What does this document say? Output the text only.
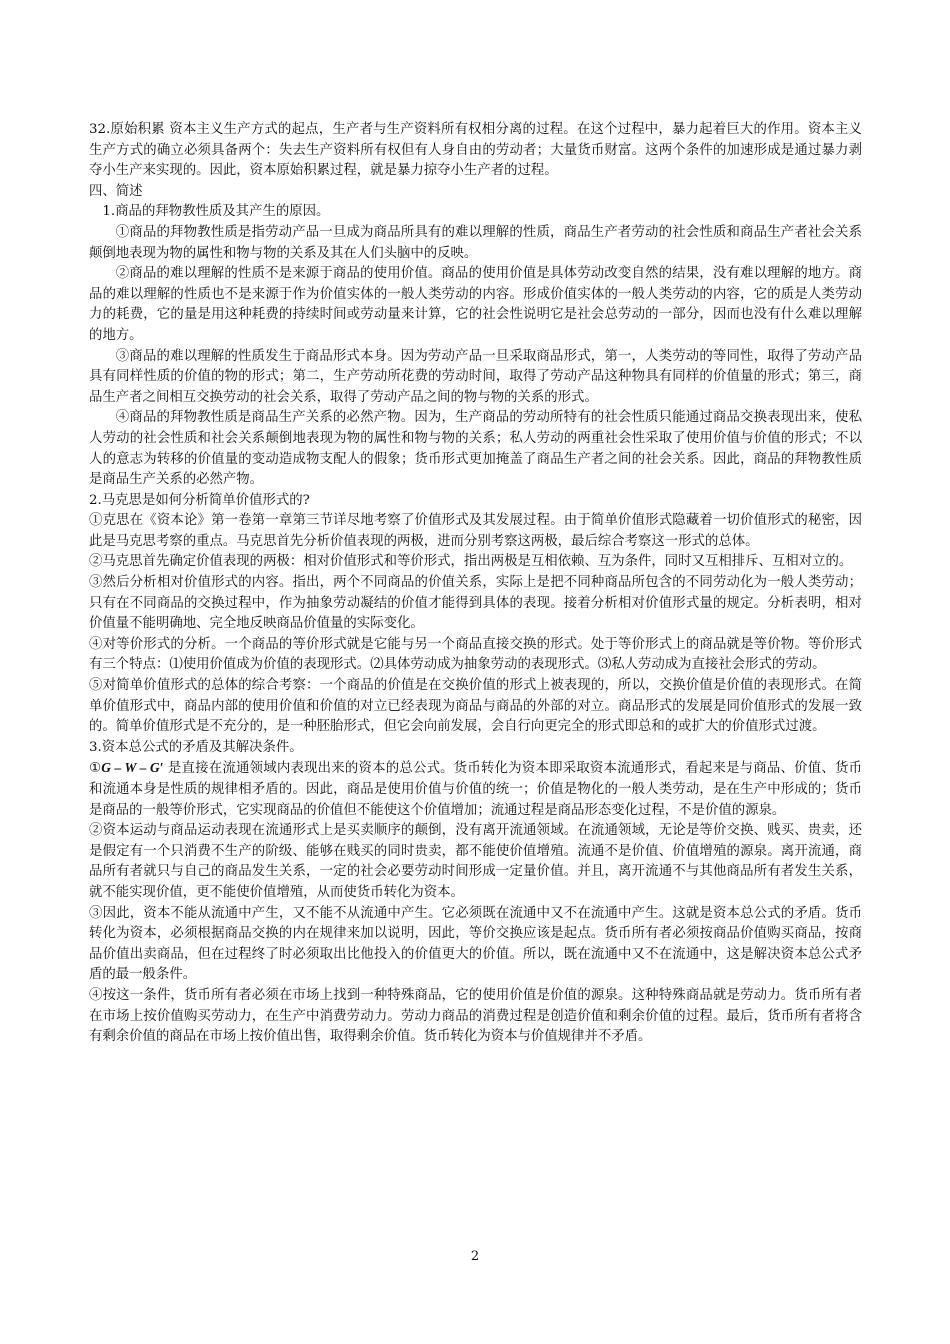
32.原始积累 资本主义生产方式的起点，生产者与生产资料所有权相分离的过程。在这个过程中，暴力起着巨大的作用。资本主义生产方式的确立必须具备两个：失去生产资料所有权但有人身自由的劳动者；大量货币财富。这两个条件的加速形成是通过暴力剥夺小生产来实现的。因此，资本原始积累过程，就是暴力掠夺小生产者的过程。

四、简述

1.商品的拜物教性质及其产生的原因。

①商品的拜物教性质是指劳动产品一旦成为商品所具有的难以理解的性质，商品生产者劳动的社会性质和商品生产者社会关系颠倒地表现为物的属性和物与物的关系及其在人们头脑中的反映。

②商品的难以理解的性质不是来源于商品的使用价值。商品的使用价值是具体劳动改变自然的结果，没有难以理解的地方。商品的难以理解的性质也不是来源于作为价值实体的一般人类劳动的内容。形成价值实体的一般人类劳动的内容，它的质是人类劳动力的耗费，它的量是用这种耗费的持续时间或劳动量来计算，它的社会性说明它是社会总劳动的一部分，因而也没有什么难以理解的地方。

③商品的难以理解的性质发生于商品形式本身。因为劳动产品一旦采取商品形式，第一，人类劳动的等同性，取得了劳动产品具有同样性质的价值的物的形式；第二，生产劳动所花费的劳动时间，取得了劳动产品这种物具有同样的价值量的形式；第三，商品生产者之间相互交换劳动的社会关系，取得了劳动产品之间的物与物的关系的形式。

④商品的拜物教性质是商品生产关系的必然产物。因为，生产商品的劳动所特有的社会性质只能通过商品交换表现出来，使私人劳动的社会性质和社会关系颠倒地表现为物的属性和物与物的关系；私人劳动的两重社会性采取了使用价值与价值的形式；不以人的意志为转移的价值量的变动造成物支配人的假象；货币形式更加掩盖了商品生产者之间的社会关系。因此，商品的拜物教性质是商品生产关系的必然产物。

2.马克思是如何分析简单价值形式的?

①克思在《资本论》第一卷第一章第三节详尽地考察了价值形式及其发展过程。由于简单价值形式隐藏着一切价值形式的秘密，因此是马克思考察的重点。马克思首先分析价值表现的两极，进而分别考察这两极，最后综合考察这一形式的总体。

②马克思首先确定价值表现的两极：相对价值形式和等价形式，指出两极是互相依赖、互为条件，同时又互相排斥、互相对立的。

③然后分析相对价值形式的内容。指出，两个不同商品的价值关系，实际上是把不同种商品所包含的不同劳动化为一般人类劳动；只有在不同商品的交换过程中，作为抽象劳动凝结的价值才能得到具体的表现。接着分析相对价值形式量的规定。分析表明，相对价值量不能明确地、完全地反映商品价值量的实际变化。

④对等价形式的分析。一个商品的等价形式就是它能与另一个商品直接交换的形式。处于等价形式上的商品就是等价物。等价形式有三个特点：⑴使用价值成为价值的表现形式。⑵具体劳动成为抽象劳动的表现形式。⑶私人劳动成为直接社会形式的劳动。

⑤对简单价值形式的总体的综合考察：一个商品的价值是在交换价值的形式上被表现的，所以，交换价值是价值的表现形式。在简单价值形式中，商品内部的使用价值和价值的对立已经表现为商品与商品的外部的对立。商品形式的发展是同价值形式的发展一致的。简单价值形式是不充分的，是一种胚胎形式，但它会向前发展，会自行向更完全的形式即总和的或扩大的价值形式过渡。

3.资本总公式的矛盾及其解决条件。

①G – W – G′ 是直接在流通领域内表现出来的资本的总公式。货币转化为资本即采取资本流通形式，看起来是与商品、价值、货币和流通本身是性质的规律相矛盾的。因此，商品是使用价值与价值的统一；价值是物化的一般人类劳动，是在生产中形成的；货币是商品的一般等价形式，它实现商品的价值但不能使这个价值增加；流通过程是商品形态变化过程，不是价值的源泉。

②资本运动与商品运动表现在流通形式上是买卖顺序的颠倒，没有离开流通领域。在流通领域，无论是等价交换、贱买、贵卖，还是假定有一个只消费不生产的阶级、能够在贱买的同时贵卖，都不能使价值增殖。流通不是价值、价值增殖的源泉。离开流通，商品所有者就只与自己的商品发生关系，一定的社会必要劳动时间形成一定量价值。并且，离开流通不与其他商品所有者发生关系，就不能实现价值，更不能使价值增殖，从而使货币转化为资本。

③因此，资本不能从流通中产生，又不能不从流通中产生。它必须既在流通中又不在流通中产生。这就是资本总公式的矛盾。货币转化为资本，必须根据商品交换的内在规律来加以说明，因此，等价交换应该是起点。货币所有者必须按商品价值购买商品，按商品价值出卖商品，但在过程终了时必须取出比他投入的价值更大的价值。所以，既在流通中又不在流通中，这是解决资本总公式矛盾的最一般条件。

④按这一条件，货币所有者必须在市场上找到一种特殊商品，它的使用价值是价值的源泉。这种特殊商品就是劳动力。货币所有者在市场上按价值购买劳动力，在生产中消费劳动力。劳动力商品的消费过程是创造价值和剩余价值的过程。最后，货币所有者将含有剩余价值的商品在市场上按价值出售，取得剩余价值。货币转化为资本与价值规律并不矛盾。

2
